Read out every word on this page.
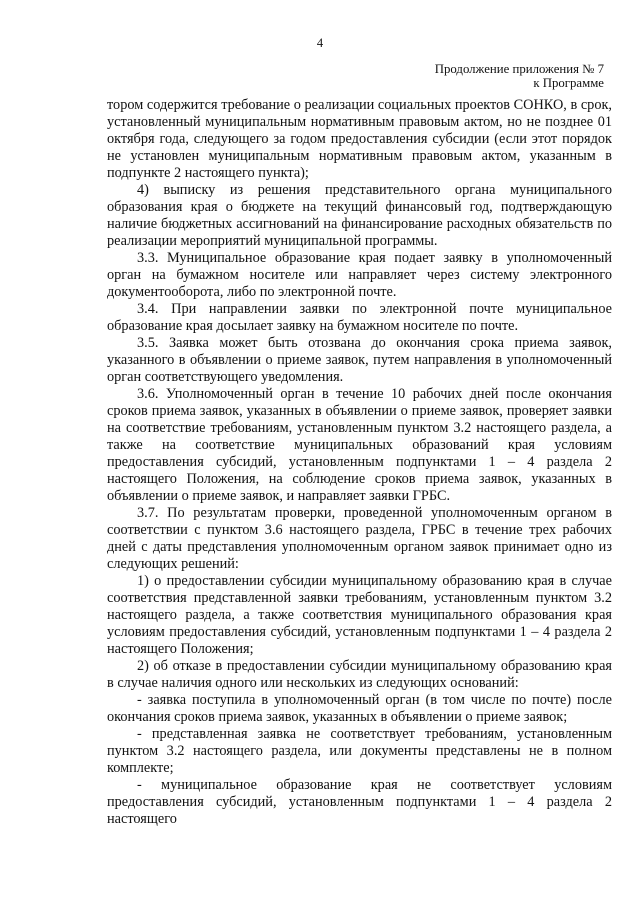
4
Продолжение приложения № 7
к Программе

тором содержится требование о реализации социальных проектов СОНКО, в срок, установленный муниципальным нормативным правовым актом, но не позднее 01 октября года, следующего за годом предоставления субсидии (если этот порядок не установлен муниципальным нормативным правовым актом, указанным в подпункте 2 настоящего пункта);

4) выписку из решения представительного органа муниципального образования края о бюджете на текущий финансовый год, подтверждающую наличие бюджетных ассигнований на финансирование расходных обязательств по реализации мероприятий муниципальной программы.

3.3. Муниципальное образование края подает заявку в уполномоченный орган на бумажном носителе или направляет через систему электронного документооборота, либо по электронной почте.

3.4. При направлении заявки по электронной почте муниципальное образование края досылает заявку на бумажном носителе по почте.

3.5. Заявка может быть отозвана до окончания срока приема заявок, указанного в объявлении о приеме заявок, путем направления в уполномоченный орган соответствующего уведомления.

3.6. Уполномоченный орган в течение 10 рабочих дней после окончания сроков приема заявок, указанных в объявлении о приеме заявок, проверяет заявки на соответствие требованиям, установленным пунктом 3.2 настоящего раздела, а также на соответствие муниципальных образований края условиям предоставления субсидий, установленным подпунктами 1 – 4 раздела 2 настоящего Положения, на соблюдение сроков приема заявок, указанных в объявлении о приеме заявок, и направляет заявки ГРБС.

3.7. По результатам проверки, проведенной уполномоченным органом в соответствии с пунктом 3.6 настоящего раздела, ГРБС в течение трех рабочих дней с даты представления уполномоченным органом заявок принимает одно из следующих решений:

1) о предоставлении субсидии муниципальному образованию края в случае соответствия представленной заявки требованиям, установленным пунктом 3.2 настоящего раздела, а также соответствия муниципального образования края условиям предоставления субсидий, установленным подпунктами 1 – 4 раздела 2 настоящего Положения;

2) об отказе в предоставлении субсидии муниципальному образованию края в случае наличия одного или нескольких из следующих оснований:

- заявка поступила в уполномоченный орган (в том числе по почте) после окончания сроков приема заявок, указанных в объявлении о приеме заявок;

- представленная заявка не соответствует требованиям, установленным пунктом 3.2 настоящего раздела, или документы представлены не в полном комплекте;

- муниципальное образование края не соответствует условиям предоставления субсидий, установленным подпунктами 1 – 4 раздела 2 настоящего
